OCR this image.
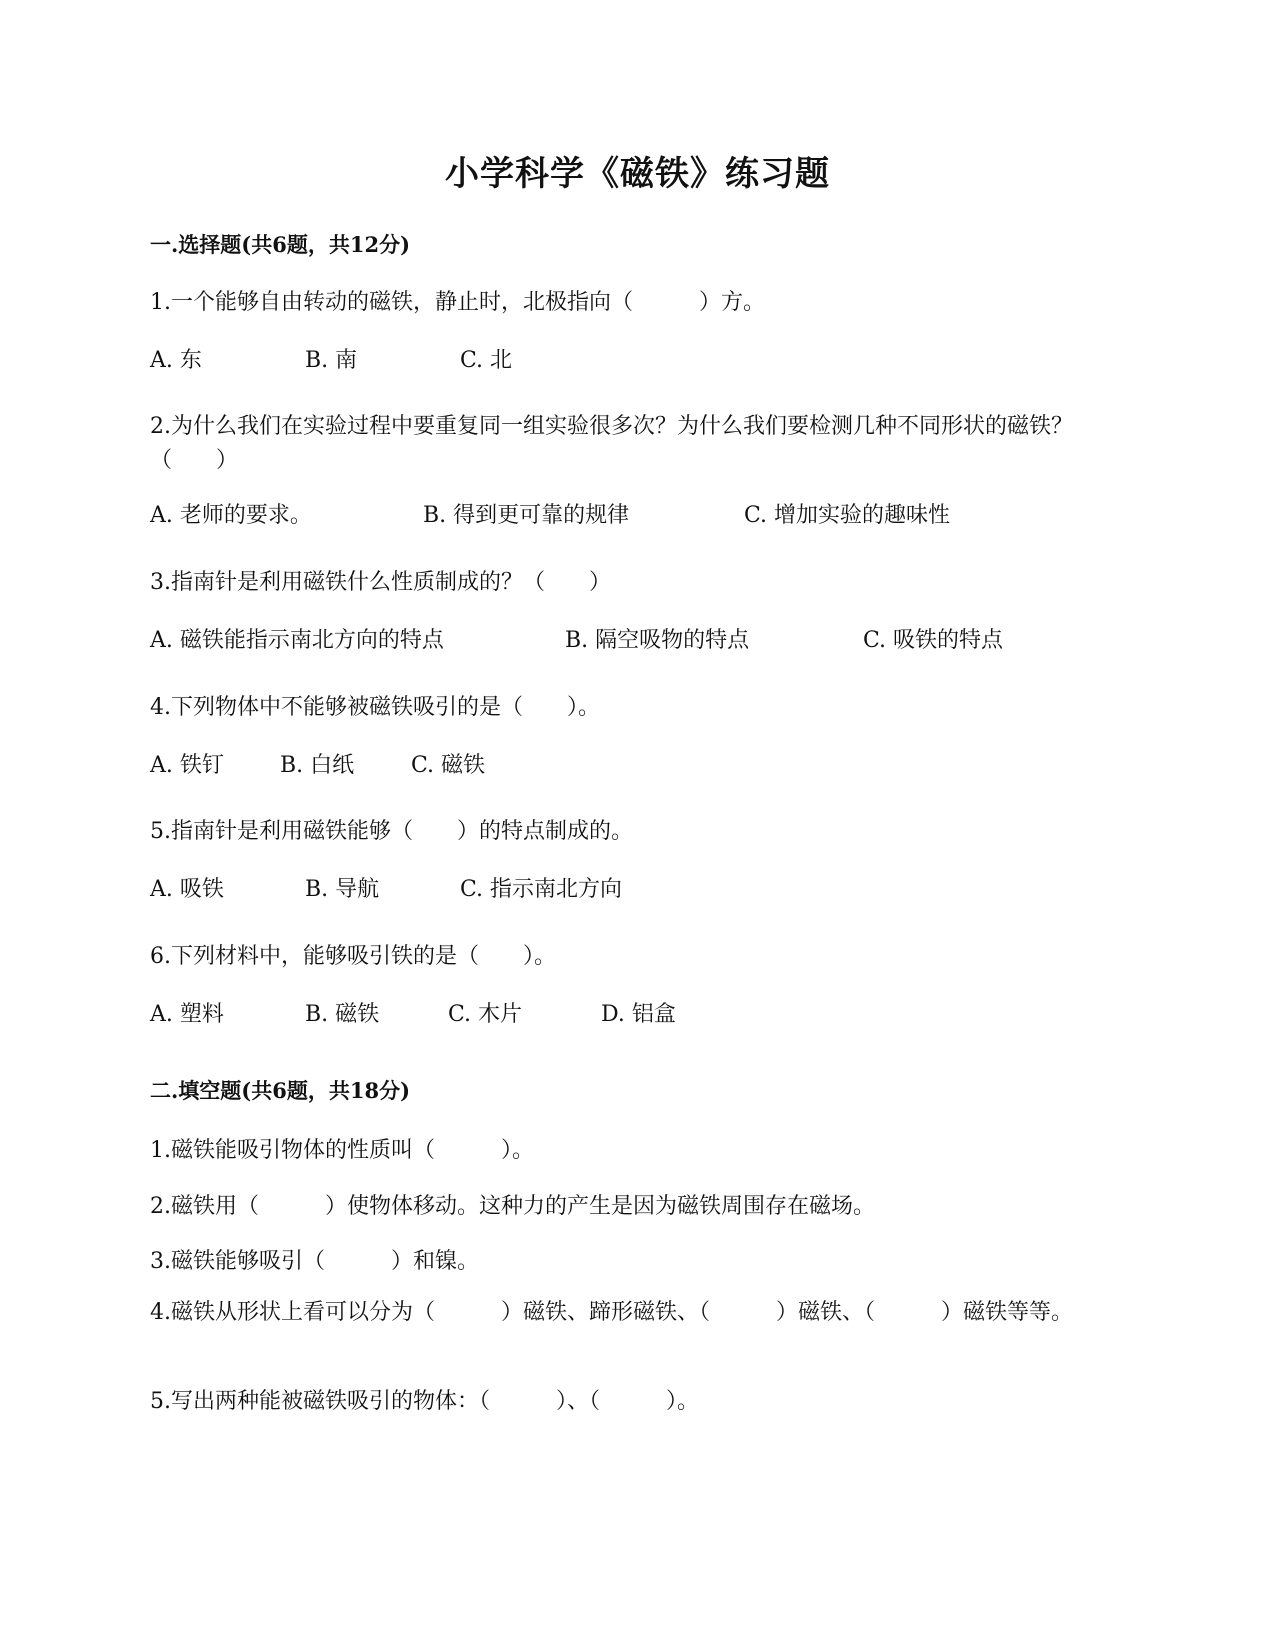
小学科学《磁铁》练习题
一.选择题(共6题，共12分)
1.一个能够自由转动的磁铁，静止时，北极指向（　　　）方。
A. 东	B. 南	C. 北
2.为什么我们在实验过程中要重复同一组实验很多次？为什么我们要检测几种不同形状的磁铁？（　　）
A. 老师的要求。	B. 得到更可靠的规律	C. 增加实验的趣味性
3.指南针是利用磁铁什么性质制成的？（　　）
A. 磁铁能指示南北方向的特点	B. 隔空吸物的特点	C. 吸铁的特点
4.下列物体中不能够被磁铁吸引的是（　　）。
A. 铁钉	B. 白纸	C. 磁铁
5.指南针是利用磁铁能够（　　）的特点制成的。
A. 吸铁	B. 导航	C. 指示南北方向
6.下列材料中，能够吸引铁的是（　　）。
A. 塑料	B. 磁铁	C. 木片	D. 铝盒
二.填空题(共6题，共18分)
1.磁铁能吸引物体的性质叫（　　　）。
2.磁铁用（　　　）使物体移动。这种力的产生是因为磁铁周围存在磁场。
3.磁铁能够吸引（　　　）和镍。
4.磁铁从形状上看可以分为（　　　）磁铁、蹄形磁铁、（　　　）磁铁、（　　　）磁铁等等。
5.写出两种能被磁铁吸引的物体：（　　　）、（　　　）。
